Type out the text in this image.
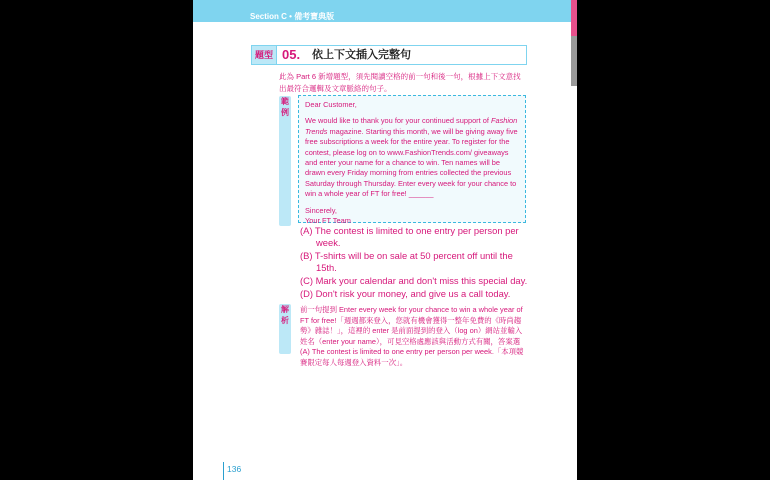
Section C • 備考寶典版
題型 05. 依上下文插入完整句
此為 Part 6 新增題型，須先閱讀空格的前一句和後一句，根據上下文意找出最符合邏輯及文章脈絡的句子。
範
例

Dear Customer,

We would like to thank you for your continued support of Fashion Trends magazine. Starting this month, we will be giving away five free subscriptions a week for the entire year. To register for the contest, please log on to www.FashionTrends.com/ giveaways and enter your name for a chance to win. Ten names will be drawn every Friday morning from entries collected the previous Saturday through Thursday. Enter every week for your chance to win a whole year of FT for free! ______

Sincerely,

Your FT Team

(A) The contest is limited to one entry per person per week.
(B) T-shirts will be on sale at 50 percent off until the 15th.
(C) Mark your calendar and don't miss this special day.
(D) Don't risk your money, and give us a call today.
解
析
前一句提到 Enter every week for your chance to win a whole year of FT for free!「週週都來登入，您就有機會獲得一整年免費的《時尚趨勢》雜誌！」，這裡的 enter 是前面提到的登入（log on）網站並輸入姓名（enter your name），可見空格處應該與活動方式有關，答案選 (A) The contest is limited to one entry per person per week.「本項競賽限定每人每週登入資料一次」。
136
